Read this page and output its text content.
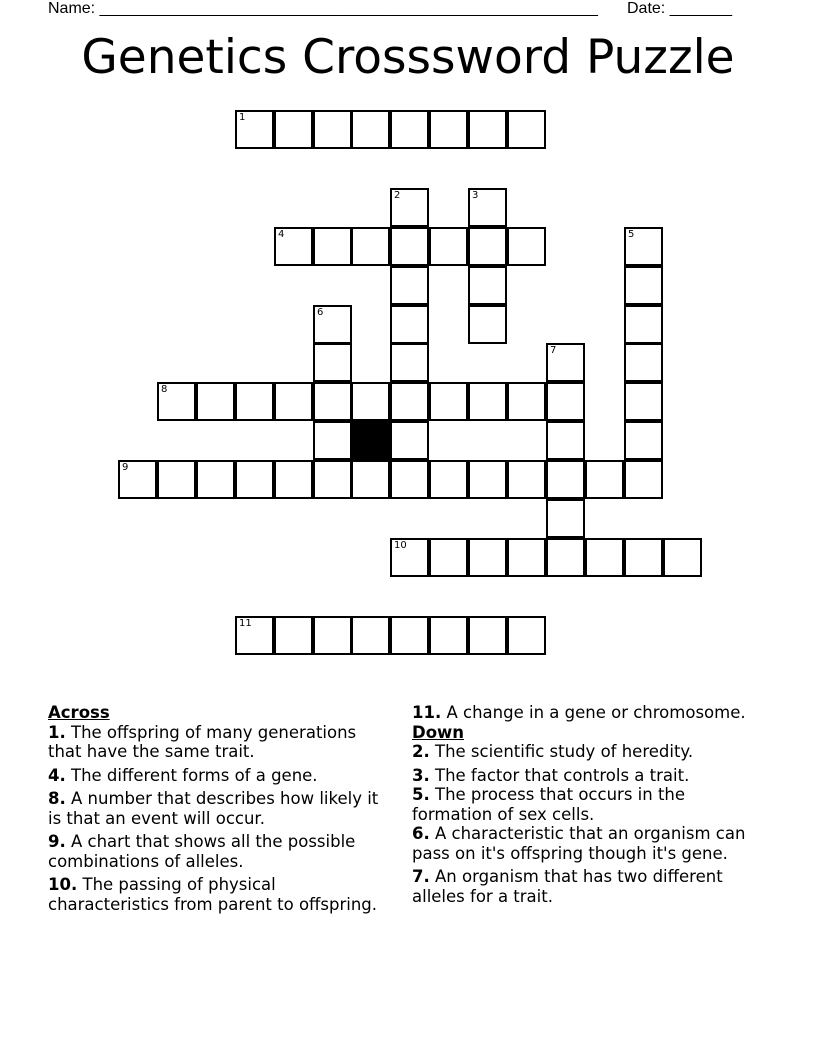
Name: ________________________________________________________ Date: _______
Genetics Crosssword Puzzle
1
2	3
4	5
6
7
8
9
10
11

Across

1. The offspring of many generations that have the same trait.

4. The different forms of a gene.

8. A number that describes how likely it is that an event will occur.

9. A chart that shows all the possible combinations of alleles.

10. The passing of physical characteristics from parent to offspring.

11. A change in a gene or chromosome.

Down

2. The scientific study of heredity.

3. The factor that controls a trait.

5. The process that occurs in the formation of sex cells.

6. A characteristic that an organism can pass on it's offspring though it's gene.

7. An organism that has two different alleles for a trait.
